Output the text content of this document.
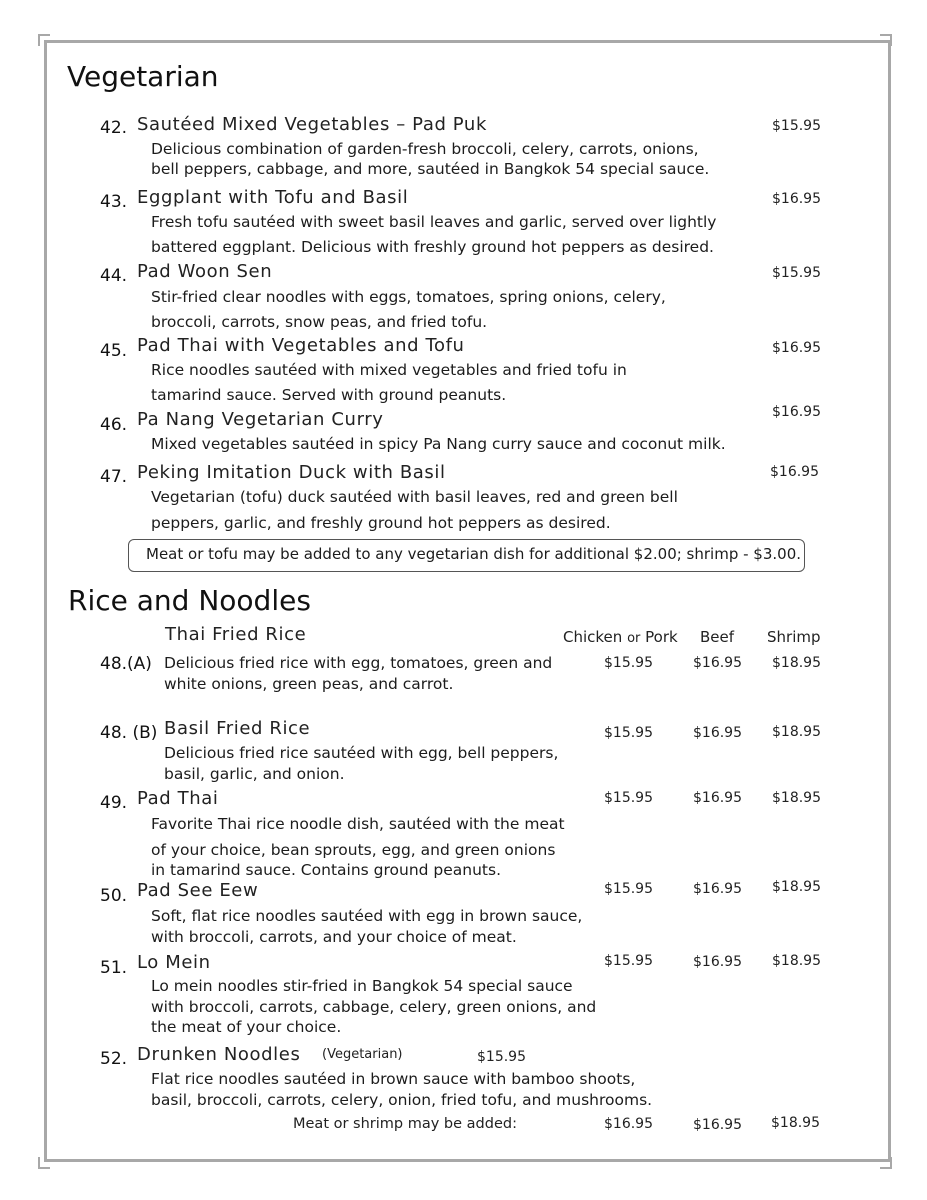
Vegetarian
42. Sautéed Mixed Vegetables – Pad Puk	$15.95
Delicious combination of garden-fresh broccoli, celery, carrots, onions,
bell peppers, cabbage, and more, sautéed in Bangkok 54 special sauce.
43. Eggplant with Tofu and Basil	$16.95
Fresh tofu sautéed with sweet basil leaves and garlic, served over lightly
battered eggplant. Delicious with freshly ground hot peppers as desired.
44. Pad Woon Sen	$15.95
Stir-fried clear noodles with eggs, tomatoes, spring onions, celery,
broccoli, carrots, snow peas, and fried tofu.
45. Pad Thai with Vegetables and Tofu	$16.95
Rice noodles sautéed with mixed vegetables and fried tofu in
tamarind sauce. Served with ground peanuts.
46. Pa Nang Vegetarian Curry	$16.95
Mixed vegetables sautéed in spicy Pa Nang curry sauce and coconut milk.
47. Peking Imitation Duck with Basil	$16.95
Vegetarian (tofu) duck sautéed with basil leaves, red and green bell
peppers, garlic, and freshly ground hot peppers as desired.
Meat or tofu may be added to any vegetarian dish for additional $2.00; shrimp - $3.00.
Rice and Noodles
Thai Fried Rice	Chicken or Pork Beef Shrimp
48.(A)	$15.95	$16.95 $18.95
Delicious fried rice with egg, tomatoes, green and
white onions, green peas, and carrot.
48. (B) Basil Fried Rice	$15.95	$16.95 $18.95
Delicious fried rice sautéed with egg, bell peppers,
basil, garlic, and onion.
49. Pad Thai	$15.95	$16.95 $18.95
Favorite Thai rice noodle dish, sautéed with the meat
of your choice, bean sprouts, egg, and green onions
in tamarind sauce. Contains ground peanuts.
50. Pad See Eew	$15.95	$16.95 $18.95
Soft, flat rice noodles sautéed with egg in brown sauce,
with broccoli, carrots, and your choice of meat.
51. Lo Mein	$15.95	$16.95 $18.95
Lo mein noodles stir-fried in Bangkok 54 special sauce
with broccoli, carrots, cabbage, celery, green onions, and
the meat of your choice.
52. Drunken Noodles (Vegetarian)	$15.95
Flat rice noodles sautéed in brown sauce with bamboo shoots,
basil, broccoli, carrots, celery, onion, fried tofu, and mushrooms.
Meat or shrimp may be added:	$16.95	$16.95 $18.95
